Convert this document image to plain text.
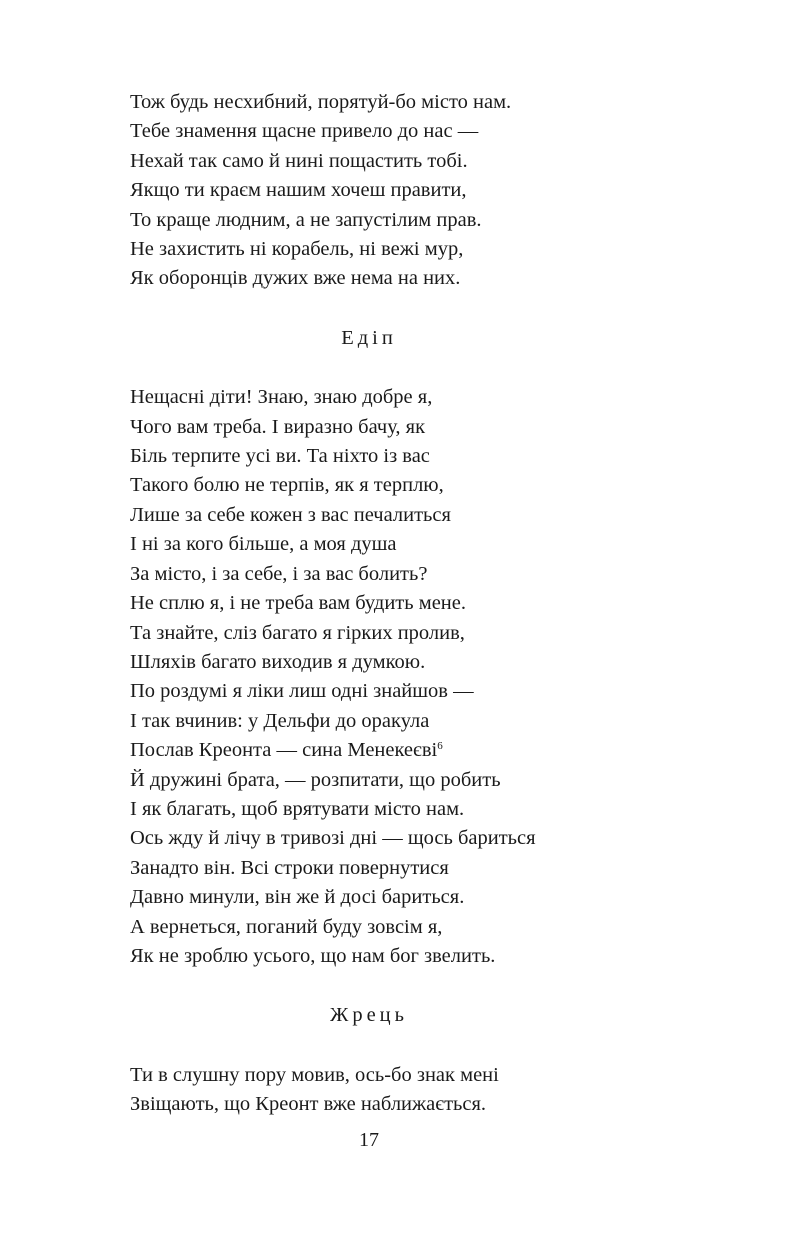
Тож будь несхибний, порятуй-бо місто нам.
Тебе знамення щасне привело до нас —
Нехай так само й нині пощастить тобі.
Якщо ти краєм нашим хочеш правити,
То краще людним, а не запустілим прав.
Не захистить ні корабель, ні вежі мур,
Як оборонців дужих вже нема на них.
Едіп
Нещасні діти! Знаю, знаю добре я,
Чого вам треба. І виразно бачу, як
Біль терпите усі ви. Та ніхто із вас
Такого болю не терпів, як я терплю,
Лише за себе кожен з вас печалиться
І ні за кого більше, а моя душа
За місто, і за себе, і за вас болить?
Не сплю я, і не треба вам будить мене.
Та знайте, сліз багато я гірких пролив,
Шляхів багато виходив я думкою.
По роздумі я ліки лиш одні знайшов —
І так вчинив: у Дельфи до оракула
Послав Креонта — сина Менекеєві$^6$
Й дружині брата, — розпитати, що робить
І як благать, щоб врятувати місто нам.
Ось жду й лічу в тривозі дні — щось бариться
Занадто він. Всі строки повернутися
Давно минули, він же й досі бариться.
А вернеться, поганий буду зовсім я,
Як не зроблю усього, що нам бог звелить.
Жрець
Ти в слушну пору мовив, ось-бо знак мені
Звіщають, що Креонт вже наближається.
17
